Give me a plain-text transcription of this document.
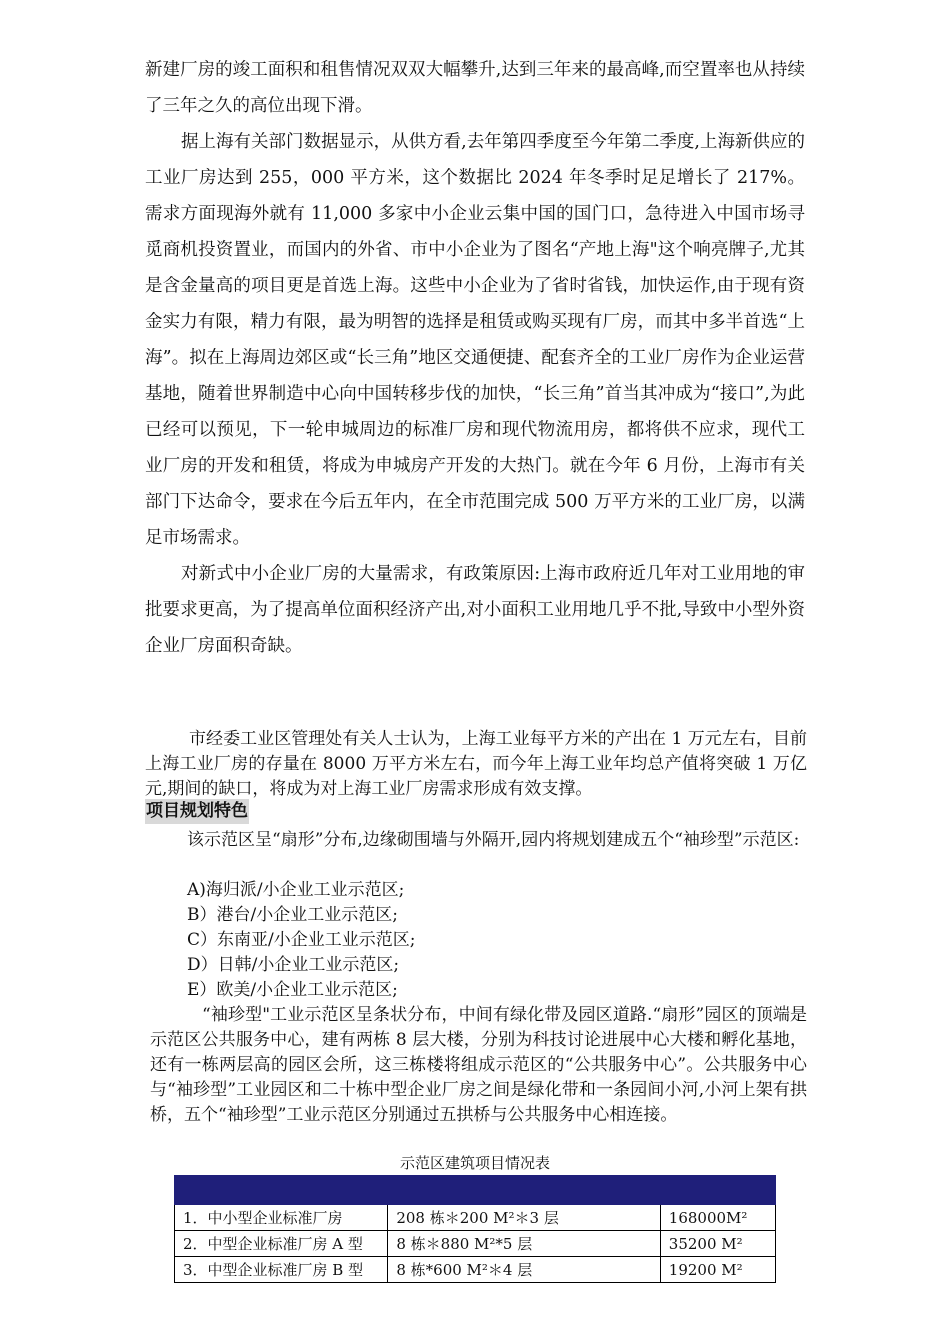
新建厂房的竣工面积和租售情况双双大幅攀升,达到三年来的最高峰,而空置率也从持续了三年之久的高位出现下滑。

据上海有关部门数据显示，从供方看,去年第四季度至今年第二季度,上海新供应的工业厂房达到 255，000 平方米，这个数据比 2024 年冬季时足足增长了 217%。需求方面现海外就有 11,000 多家中小企业云集中国的国门口，急待进入中国市场寻觅商机投资置业，而国内的外省、市中小企业为了图名“产地上海"这个响亮牌子,尤其是含金量高的项目更是首选上海。这些中小企业为了省时省钱，加快运作,由于现有资金实力有限，精力有限，最为明智的选择是租赁或购买现有厂房，而其中多半首选“上海”。拟在上海周边郊区或“长三角”地区交通便捷、配套齐全的工业厂房作为企业运营基地，随着世界制造中心向中国转移步伐的加快，“长三角”首当其冲成为“接口”,为此已经可以预见，下一轮申城周边的标准厂房和现代物流用房，都将供不应求，现代工业厂房的开发和租赁，将成为申城房产开发的大热门。就在今年 6 月份，上海市有关部门下达命令，要求在今后五年内，在全市范围完成 500 万平方米的工业厂房，以满足市场需求。

对新式中小企业厂房的大量需求，有政策原因:上海市政府近几年对工业用地的审批要求更高，为了提高单位面积经济产出,对小面积工业用地几乎不批,导致中小型外资企业厂房面积奇缺。

市经委工业区管理处有关人士认为，上海工业每平方米的产出在 1 万元左右，目前上海工业厂房的存量在 8000 万平方米左右，而今年上海工业年均总产值将突破 1 万亿元,期间的缺口，将成为对上海工业厂房需求形成有效支撑。

项目规划特色

该示范区呈“扇形”分布,边缘砌围墙与外隔开,园内将规划建成五个“袖珍型”示范区:

A)海归派/小企业工业示范区;
B）港台/小企业工业示范区;
C）东南亚/小企业工业示范区;
D）日韩/小企业工业示范区;
E）欧美/小企业工业示范区;

“袖珍型"工业示范区呈条状分布，中间有绿化带及园区道路.“扇形”园区的顶端是示范区公共服务中心，建有两栋 8 层大楼，分别为科技讨论进展中心大楼和孵化基地，还有一栋两层高的园区会所，这三栋楼将组成示范区的“公共服务中心”。公共服务中心与“袖珍型”工业园区和二十栋中型企业厂房之间是绿化带和一条园间小河,小河上架有拱桥，五个“袖珍型”工业示范区分别通过五拱桥与公共服务中心相连接。

示范区建筑项目情况表

1．中小型企业标准厂房	208 栋＊200 M²＊3 层	168000M²
2．中型企业标准厂房 A 型	8 栋＊880 M²*5 层	35200 M²
3．中型企业标准厂房 B 型	8 栋*600 M²＊4 层	19200 M²
